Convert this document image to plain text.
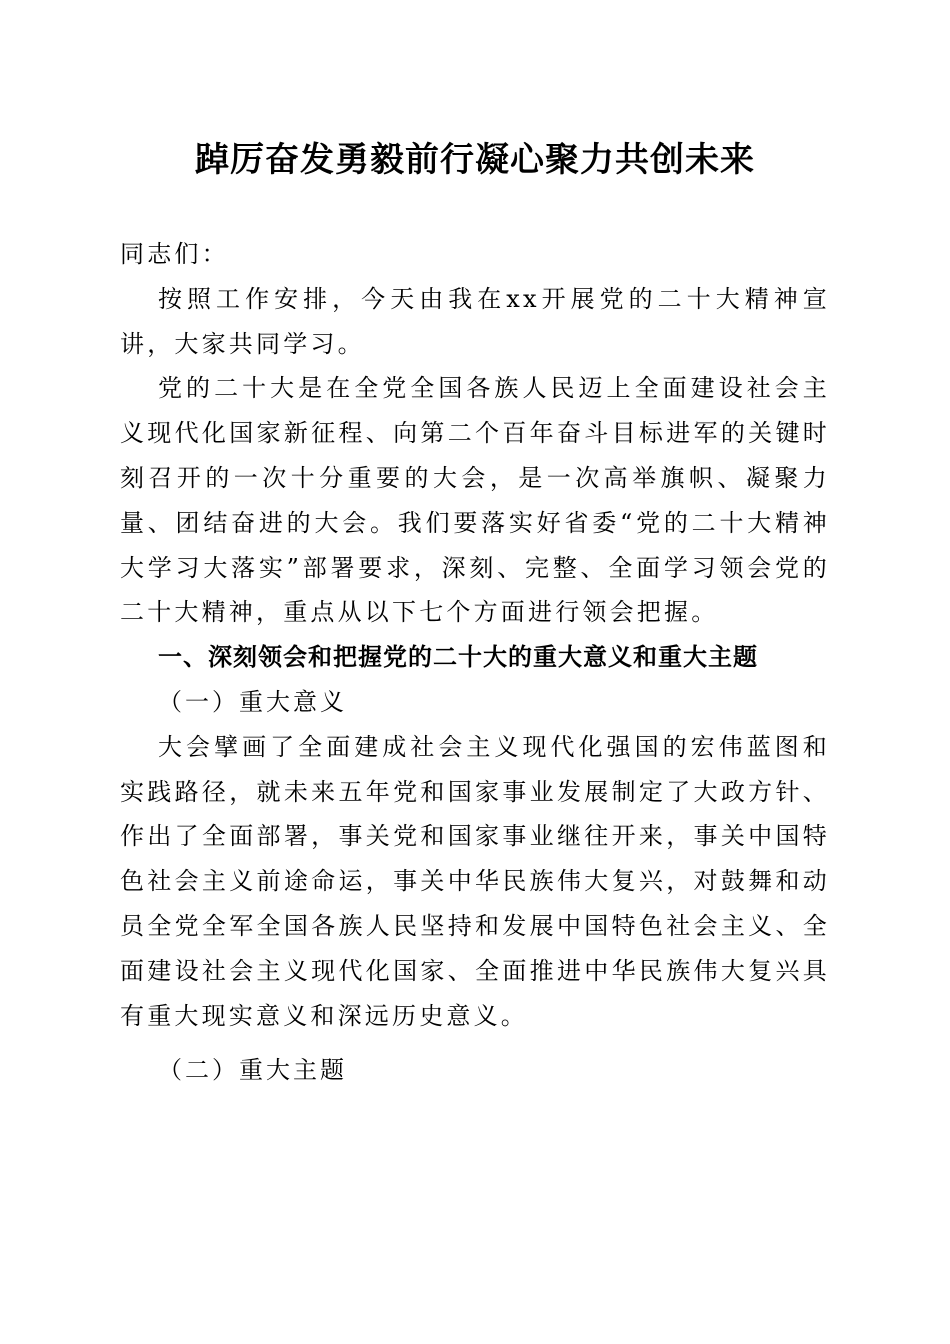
踔厉奋发勇毅前行凝心聚力共创未来

同志们：

按照工作安排，今天由我在xx开展党的二十大精神宣讲，大家共同学习。

党的二十大是在全党全国各族人民迈上全面建设社会主义现代化国家新征程、向第二个百年奋斗目标进军的关键时刻召开的一次十分重要的大会，是一次高举旗帜、凝聚力量、团结奋进的大会。我们要落实好省委“党的二十大精神大学习大落实”部署要求，深刻、完整、全面学习领会党的二十大精神，重点从以下七个方面进行领会把握。

一、深刻领会和把握党的二十大的重大意义和重大主题

（一）重大意义

大会擘画了全面建成社会主义现代化强国的宏伟蓝图和实践路径，就未来五年党和国家事业发展制定了大政方针、作出了全面部署，事关党和国家事业继往开来，事关中国特色社会主义前途命运，事关中华民族伟大复兴，对鼓舞和动员全党全军全国各族人民坚持和发展中国特色社会主义、全面建设社会主义现代化国家、全面推进中华民族伟大复兴具有重大现实意义和深远历史意义。

（二）重大主题
